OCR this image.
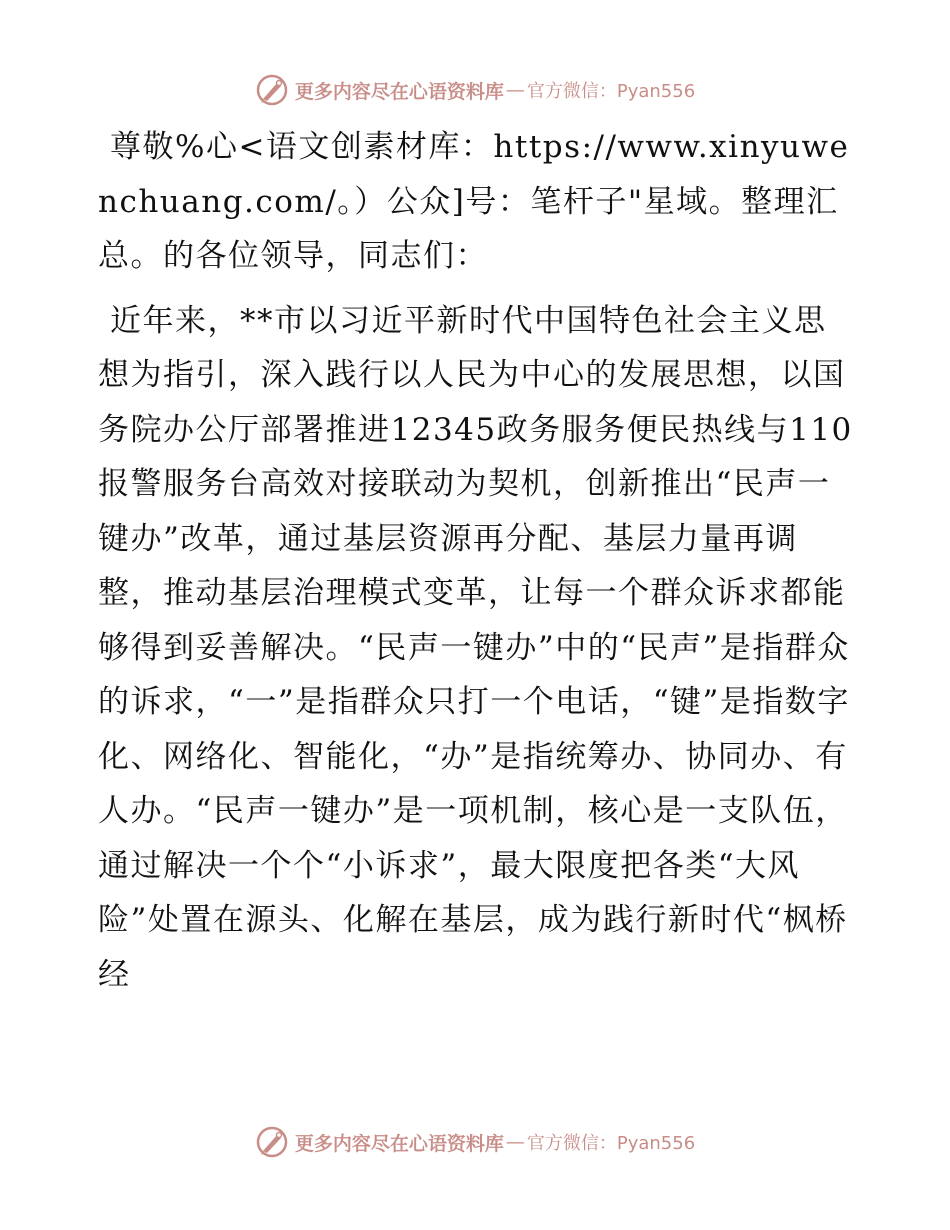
更多内容尽在心语资料库 — 官方微信：Pyan556

尊敬%心<语文创素材库：https://www.xinyuwenchuang.com/。）公众]号：笔杆子"星域。整理汇总。的各位领导，同志们：

近年来，**市以习近平新时代中国特色社会主义思想为指引，深入践行以人民为中心的发展思想，以国务院办公厅部署推进12345政务服务便民热线与110报警服务台高效对接联动为契机，创新推出“民声一键办”改革，通过基层资源再分配、基层力量再调整，推动基层治理模式变革，让每一个群众诉求都能够得到妥善解决。“民声一键办”中的“民声”是指群众的诉求，“一”是指群众只打一个电话，“键”是指数字化、网络化、智能化，“办”是指统筹办、协同办、有人办。“民声一键办”是一项机制，核心是一支队伍，通过解决一个个“小诉求”，最大限度把各类“大风险”处置在源头、化解在基层，成为践行新时代“枫桥经

更多内容尽在心语资料库 — 官方微信：Pyan556
